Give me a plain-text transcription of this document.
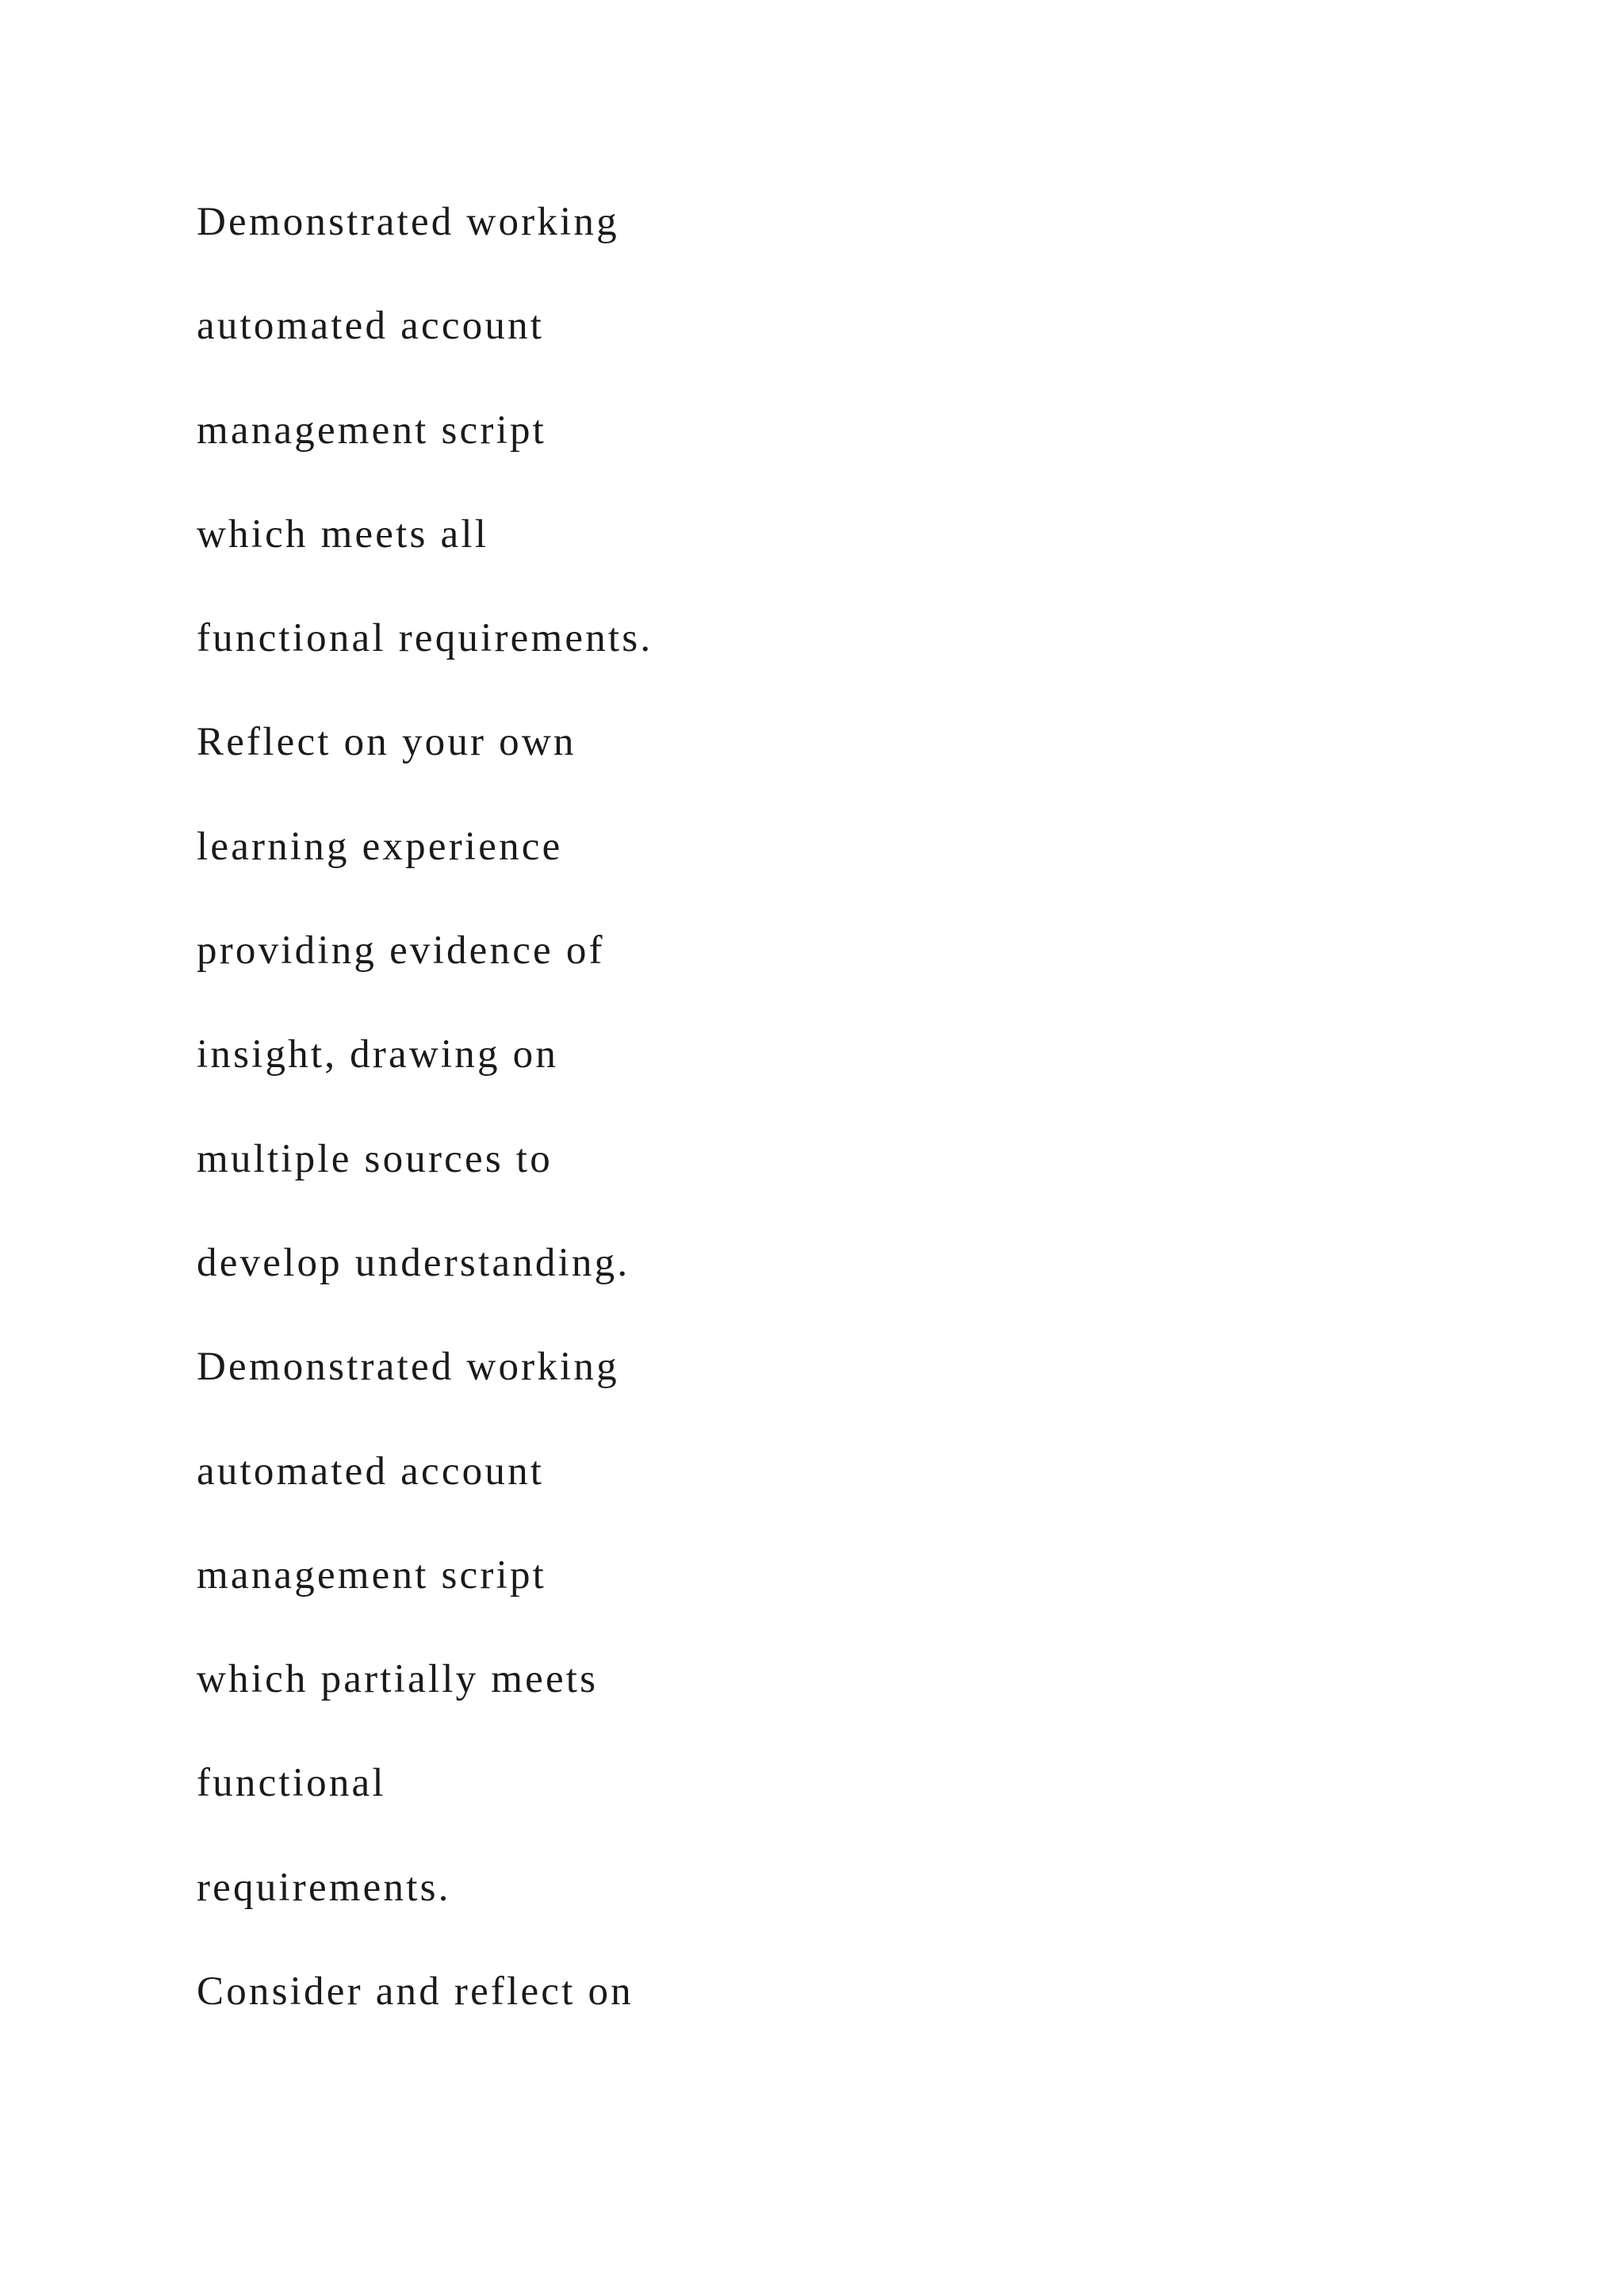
Demonstrated working
automated account
management script
which meets all
functional requirements.
Reflect on your own
learning experience
providing evidence of
insight, drawing on
multiple sources to
develop understanding.
Demonstrated working
automated account
management script
which partially meets
functional
requirements.
Consider and reflect on
